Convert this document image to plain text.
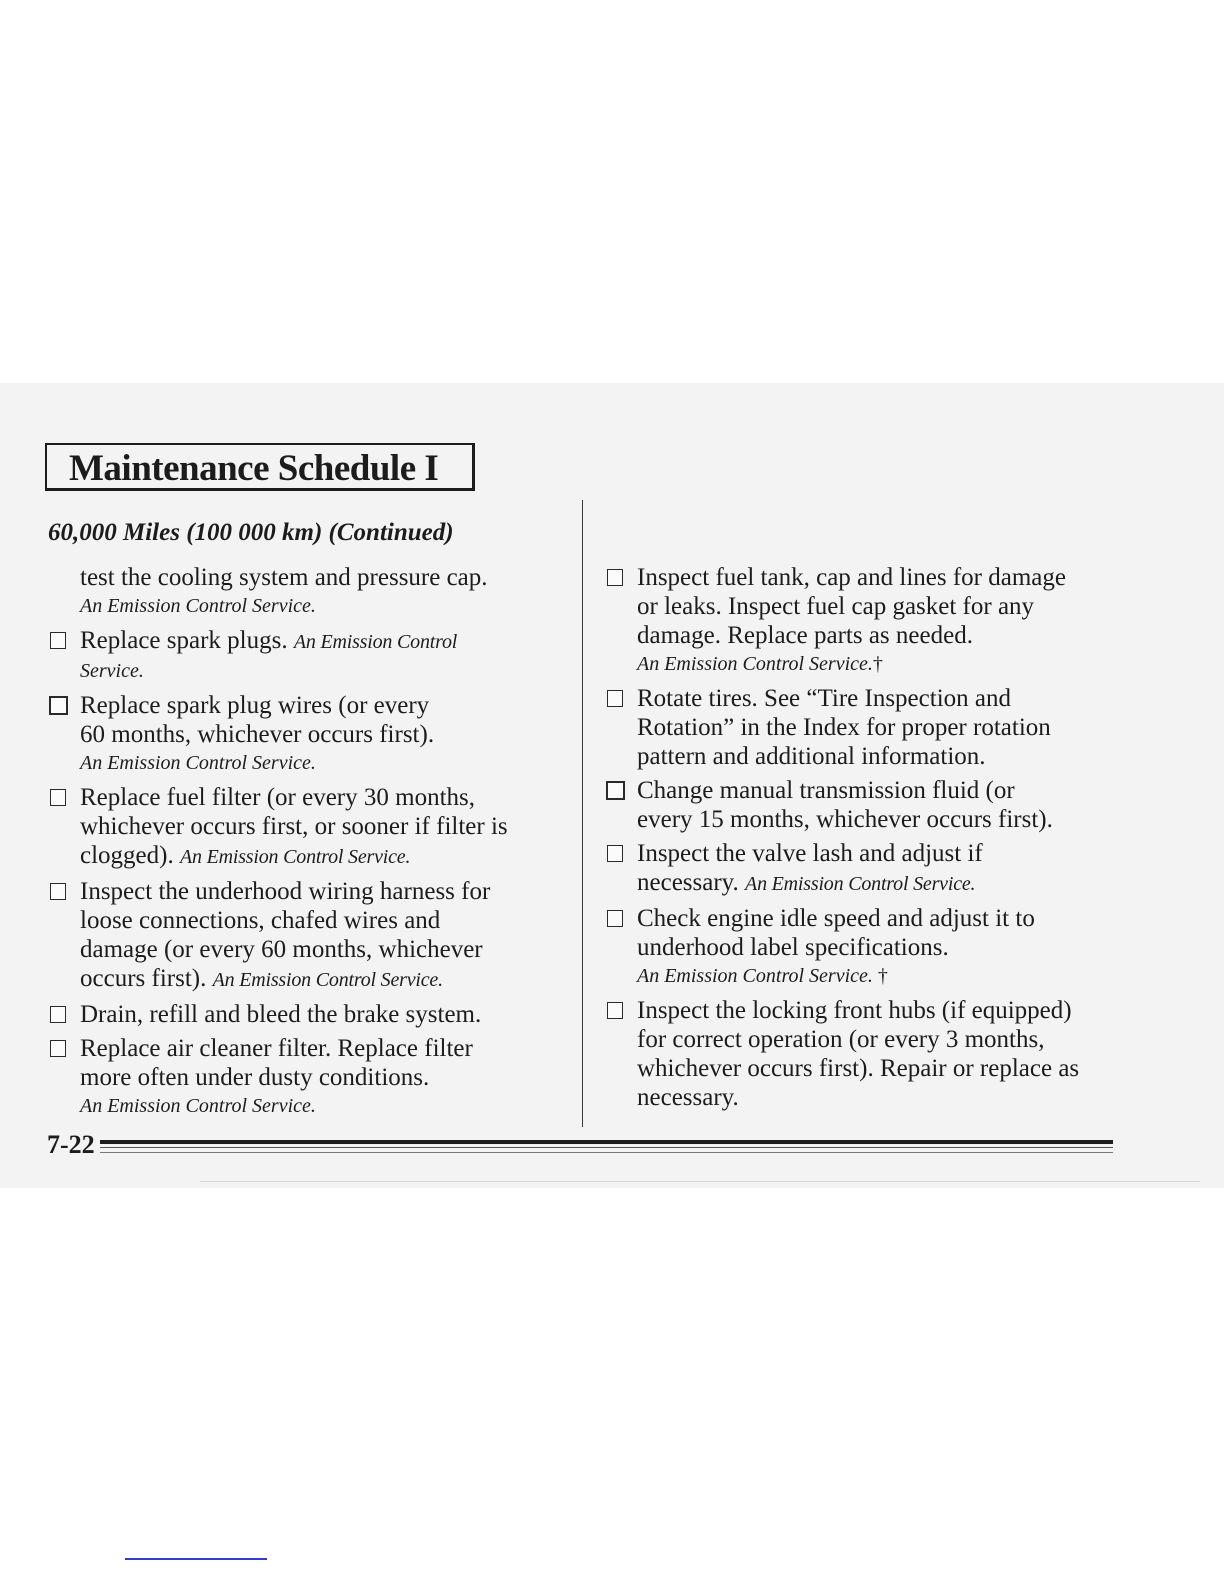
Maintenance Schedule I
60,000 Miles (100 000 km) (Continued)
test the cooling system and pressure cap.
An Emission Control Service.
Replace spark plugs. An Emission Control
Service.
Replace spark plug wires (or every
60 months, whichever occurs first).
An Emission Control Service.
Replace fuel filter (or every 30 months,
whichever occurs first, or sooner if filter is
clogged). An Emission Control Service.
Inspect the underhood wiring harness for
loose connections, chafed wires and
damage (or every 60 months, whichever
occurs first). An Emission Control Service.
Drain, refill and bleed the brake system.
Replace air cleaner filter. Replace filter
more often under dusty conditions.
An Emission Control Service.
Inspect fuel tank, cap and lines for damage
or leaks. Inspect fuel cap gasket for any
damage. Replace parts as needed.
An Emission Control Service.†
Rotate tires. See “Tire Inspection and
Rotation” in the Index for proper rotation
pattern and additional information.
Change manual transmission fluid (or
every 15 months, whichever occurs first).
Inspect the valve lash and adjust if
necessary. An Emission Control Service.
Check engine idle speed and adjust it to
underhood label specifications.
An Emission Control Service. †
Inspect the locking front hubs (if equipped)
for correct operation (or every 3 months,
whichever occurs first). Repair or replace as
necessary.
7-22
